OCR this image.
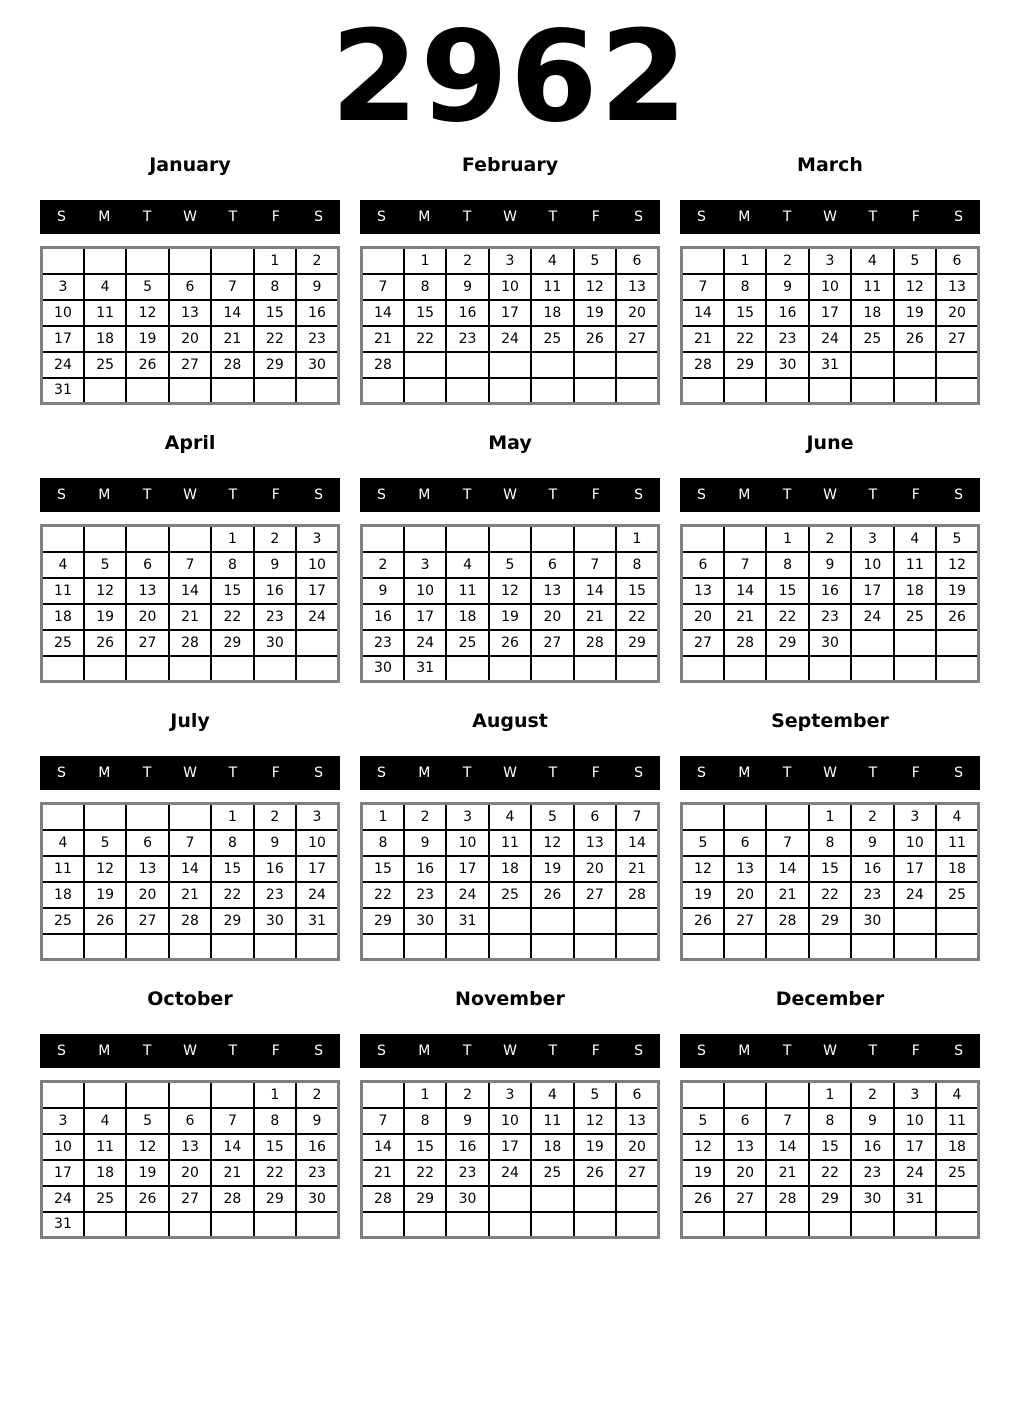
2962
January
S	M	T	W	T	F	S
					1	2
3	4	5	6	7	8	9
10	11	12	13	14	15	16
17	18	19	20	21	22	23
24	25	26	27	28	29	30
31						
February
S	M	T	W	T	F	S
	1	2	3	4	5	6
7	8	9	10	11	12	13
14	15	16	17	18	19	20
21	22	23	24	25	26	27
28						

March
S	M	T	W	T	F	S
	1	2	3	4	5	6
7	8	9	10	11	12	13
14	15	16	17	18	19	20
21	22	23	24	25	26	27
28	29	30	31			

April
S	M	T	W	T	F	S
				1	2	3
4	5	6	7	8	9	10
11	12	13	14	15	16	17
18	19	20	21	22	23	24
25	26	27	28	29	30	

May
S	M	T	W	T	F	S
						1
2	3	4	5	6	7	8
9	10	11	12	13	14	15
16	17	18	19	20	21	22
23	24	25	26	27	28	29
30	31					
June
S	M	T	W	T	F	S
		1	2	3	4	5
6	7	8	9	10	11	12
13	14	15	16	17	18	19
20	21	22	23	24	25	26
27	28	29	30			

July
S	M	T	W	T	F	S
				1	2	3
4	5	6	7	8	9	10
11	12	13	14	15	16	17
18	19	20	21	22	23	24
25	26	27	28	29	30	31

August
S	M	T	W	T	F	S
1	2	3	4	5	6	7
8	9	10	11	12	13	14
15	16	17	18	19	20	21
22	23	24	25	26	27	28
29	30	31				

September
S	M	T	W	T	F	S
			1	2	3	4
5	6	7	8	9	10	11
12	13	14	15	16	17	18
19	20	21	22	23	24	25
26	27	28	29	30		

October
S	M	T	W	T	F	S
					1	2
3	4	5	6	7	8	9
10	11	12	13	14	15	16
17	18	19	20	21	22	23
24	25	26	27	28	29	30
31						
November
S	M	T	W	T	F	S
	1	2	3	4	5	6
7	8	9	10	11	12	13
14	15	16	17	18	19	20
21	22	23	24	25	26	27
28	29	30				

December
S	M	T	W	T	F	S
			1	2	3	4
5	6	7	8	9	10	11
12	13	14	15	16	17	18
19	20	21	22	23	24	25
26	27	28	29	30	31	
